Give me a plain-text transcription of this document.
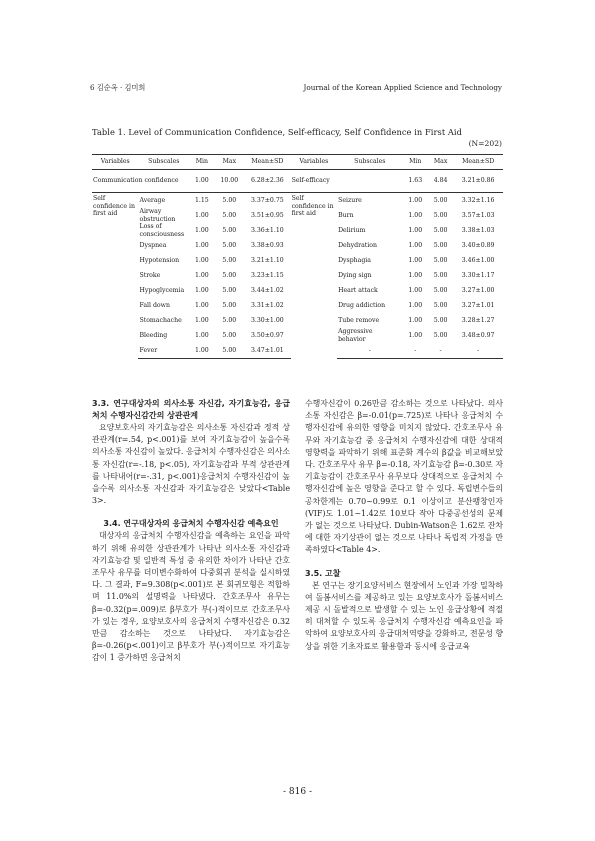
6 김순옥 · 김미희	Journal of the Korean Applied Science and Technology
Table 1. Level of Communication Confidence, Self-efficacy, Self Confidence in First Aid
(N=202)
Variables	Subscales	Min	Max	Mean±SD	Variables	Subscales	Min	Max	Mean±SD
Communication confidence		1.00	10.00	6.28±2.36	Self-efficacy		1.63	4.84	3.21±0.86
Self confidence in first aid	Average	1.15	5.00	3.37±0.75	Self confidence in first aid	Seizure	1.00	5.00	3.32±1.16
	Airway obstruction	1.00	5.00	3.51±0.95		Burn	1.00	5.00	3.57±1.03
	Loss of consciousness	1.00	5.00	3.36±1.10		Delirium	1.00	5.00	3.38±1.03
	Dyspnea	1.00	5.00	3.38±0.93		Dehydration	1.00	5.00	3.40±0.89
	Hypotension	1.00	5.00	3.21±1.10		Dysphagia	1.00	5.00	3.46±1.00
	Stroke	1.00	5.00	3.23±1.15		Dying sign	1.00	5.00	3.30±1.17
	Hypoglycemia	1.00	5.00	3.44±1.02		Heart attack	1.00	5.00	3.27±1.00
	Fall down	1.00	5.00	3.31±1.02		Drug addiction	1.00	5.00	3.27±1.01
	Stomachache	1.00	5.00	3.30±1.00		Tube remove	1.00	5.00	3.28±1.27
	Bleeding	1.00	5.00	3.50±0.97		Aggressive behavior	1.00	5.00	3.48±0.97
	Fever	1.00	5.00	3.47±1.01		-	-	-	-
3.3. 연구대상자의 의사소통 자신감, 자기효능감, 응급처치 수행자신감간의 상관관계

요양보호사의 자기효능감은 의사소통 자신감과 정적 상관관계(r=.54, p<.001)를 보여 자기효능감이 높을수록 의사소통 자신감이 높았다. 응급처치 수행자신감은 의사소통 자신감(r=-.18, p<.05), 자기효능감과 부적 상관관계를 나타내어(r=-.31, p<.001)응급처치 수행자신감이 높을수록 의사소통 자신감과 자기효능감은 낮았다<Table 3>.

3.4. 연구대상자의 응급처치 수행자신감 예측요인

대상자의 응급처치 수행자신감을 예측하는 요인을 파악하기 위해 유의한 상관관계가 나타난 의사소통 자신감과 자기효능감 및 일반적 특성 중 유의한 차이가 나타난 간호조무사 유무를 더미변수화하여 다중회귀 분석을 실시하였다. 그 결과, F=9.308(p<.001)로 본 회귀모형은 적합하며 11.0%의 설명력을 나타냈다. 간호조무사 유무는 β=-0.32(p=.009)로 β부호가 부(-)적이므로 간호조무사가 있는 경우, 요양보호사의 응급처치 수행자신감은 0.32만큼 감소하는 것으로 나타났다. 자기효능감은 β=-0.26(p<.001)이고 β부호가 부(-)적이므로 자기효능감이 1 증가하면 응급처치

수행자신감이 0.26만큼 감소하는 것으로 나타났다. 의사소통 자신감은 β=-0.01(p=.725)로 나타나 응급처치 수행자신감에 유의한 영향을 미치지 않았다. 간호조무사 유무와 자기효능감 중 응급처치 수행자신감에 대한 상대적 영향력을 파악하기 위해 표준화 계수의 β값을 비교해보았다. 간호조무사 유무 β=-0.18, 자기효능감 β=-0.30로 자기효능감이 간호조무사 유무보다 상대적으로 응급처치 수행자신감에 높은 영향을 준다고 할 수 있다. 독립변수들의 공차한계는 0.70~0.99로 0.1 이상이고 분산팽창인자(VIF)도 1.01~1.42로 10보다 작아 다중공선성의 문제가 없는 것으로 나타났다. Dubin-Watson은 1.62로 잔차에 대한 자기상관이 없는 것으로 나타나 독립적 가정을 만족하였다<Table 4>.

3.5. 고찰

본 연구는 장기요양서비스 현장에서 노인과 가장 밀착하여 돌봄서비스를 제공하고 있는 요양보호사가 돌봄서비스 제공 시 돌발적으로 발생할 수 있는 노인 응급상황에 적절히 대처할 수 있도록 응급처치 수행자신감 예측요인을 파악하여 요양보호사의 응급대처역량을 강화하고, 전문성 향상을 위한 기초자료로 활용함과 동시에 응급교육

- 816 -
